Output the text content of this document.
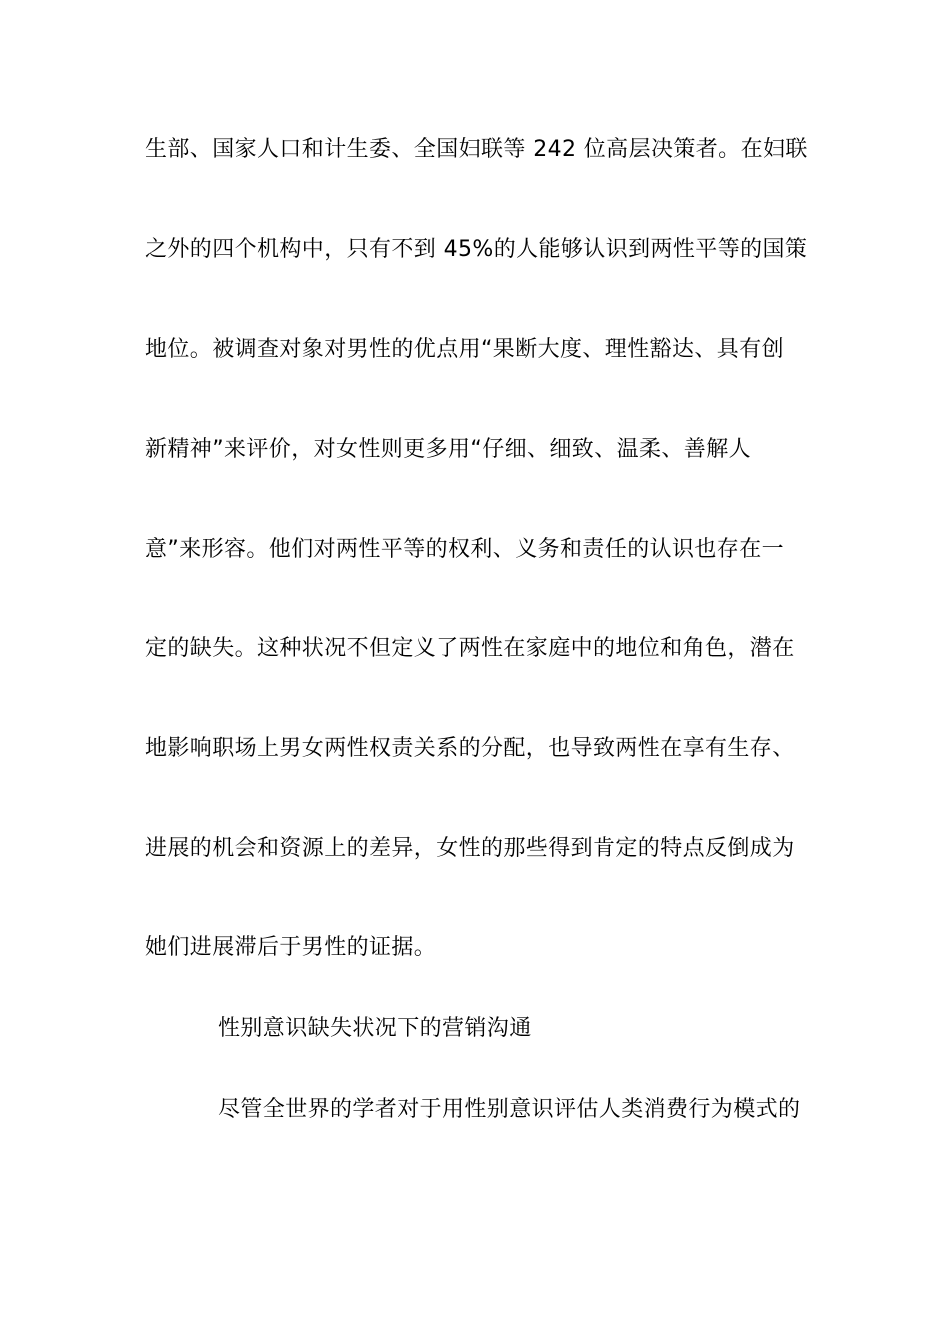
生部、国家人口和计生委、全国妇联等 242 位高层决策者。在妇联
之外的四个机构中，只有不到 45%的人能够认识到两性平等的国策
地位。被调查对象对男性的优点用“果断大度、理性豁达、具有创
新精神”来评价，对女性则更多用“仔细、细致、温柔、善解人
意”来形容。他们对两性平等的权利、义务和责任的认识也存在一
定的缺失。这种状况不但定义了两性在家庭中的地位和角色，潜在
地影响职场上男女两性权责关系的分配，也导致两性在享有生存、
进展的机会和资源上的差异，女性的那些得到肯定的特点反倒成为
她们进展滞后于男性的证据。
性别意识缺失状况下的营销沟通
尽管全世界的学者对于用性别意识评估人类消费行为模式的
